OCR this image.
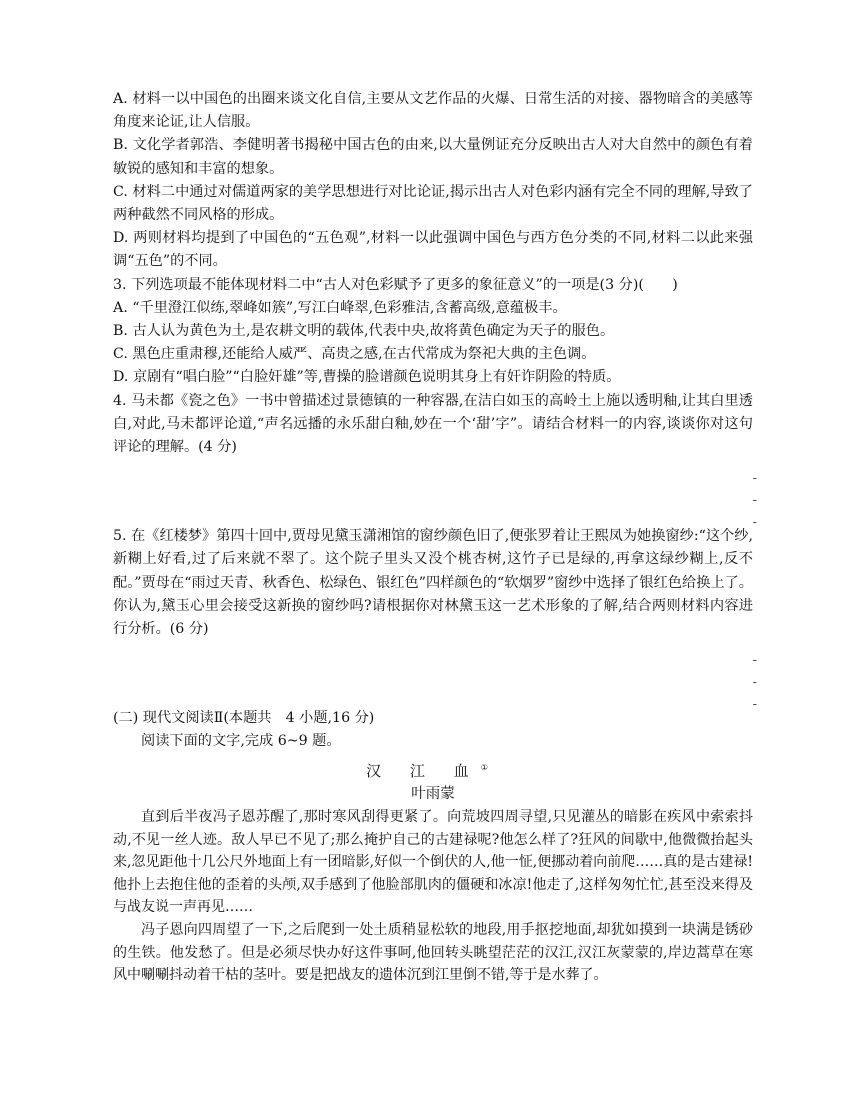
A. 材料一以中国色的出圈来谈文化自信,主要从文艺作品的火爆、日常生活的对接、器物暗含的美感等角度来论证,让人信服。

B. 文化学者郭浩、李健明著书揭秘中国古色的由来,以大量例证充分反映出古人对大自然中的颜色有着敏锐的感知和丰富的想象。

C. 材料二中通过对儒道两家的美学思想进行对比论证,揭示出古人对色彩内涵有完全不同的理解,导致了两种截然不同风格的形成。

D. 两则材料均提到了中国色的“五色观”,材料一以此强调中国色与西方色分类的不同,材料二以此来强调“五色”的不同。

3. 下列选项最不能体现材料二中“古人对色彩赋予了更多的象征意义”的一项是(3 分)(　　)

A. “千里澄江似练,翠峰如簇”,写江白峰翠,色彩雅洁,含蓄高级,意蕴极丰。

B. 古人认为黄色为土,是农耕文明的载体,代表中央,故将黄色确定为天子的服色。

C. 黑色庄重肃穆,还能给人威严、高贵之感,在古代常成为祭祀大典的主色调。

D. 京剧有“唱白脸”“白脸奸雄”等,曹操的脸谱颜色说明其身上有奸诈阴险的特质。

4. 马未都《瓷之色》一书中曾描述过景德镇的一种容器,在洁白如玉的高岭土上施以透明釉,让其白里透白,对此,马未都评论道,“声名远播的永乐甜白釉,妙在一个‘甜’字”。请结合材料一的内容,谈谈你对这句评论的理解。(4 分)

-
-
-

5. 在《红楼梦》第四十回中,贾母见黛玉潇湘馆的窗纱颜色旧了,便张罗着让王熙凤为她换窗纱:“这个纱,新糊上好看,过了后来就不翠了。这个院子里头又没个桃杏树,这竹子已是绿的,再拿这绿纱糊上,反不配。”贾母在“雨过天青、秋香色、松绿色、银红色”四样颜色的“软烟罗”窗纱中选择了银红色给换上了。你认为,黛玉心里会接受这新换的窗纱吗?请根据你对林黛玉这一艺术形象的了解,结合两则材料内容进行分析。(6 分)

-
-
-

(二) 现代文阅读Ⅱ(本题共　4 小题,16 分)

阅读下面的文字,完成 6~9 题。

汉 江 血①

叶雨蒙

直到后半夜冯子恩苏醒了,那时寒风刮得更紧了。向荒坡四周寻望,只见灌丛的暗影在疾风中索索抖动,不见一丝人迹。敌人早已不见了;那么掩护自己的古建禄呢?他怎么样了?狂风的间歇中,他微微抬起头来,忽见距他十几公尺外地面上有一团暗影,好似一个倒伏的人,他一怔,便挪动着向前爬……真的是古建禄!他扑上去抱住他的歪着的头颅,双手感到了他脸部肌肉的僵硬和冰凉!他走了,这样匆匆忙忙,甚至没来得及与战友说一声再见……

冯子恩向四周望了一下,之后爬到一处土质稍显松软的地段,用手抠挖地面,却犹如摸到一块满是锈砂的生铁。他发愁了。但是必须尽快办好这件事呵,他回转头眺望茫茫的汉江,汉江灰蒙蒙的,岸边蒿草在寒风中唰唰抖动着干枯的茎叶。要是把战友的遗体沉到江里倒不错,等于是水葬了。
